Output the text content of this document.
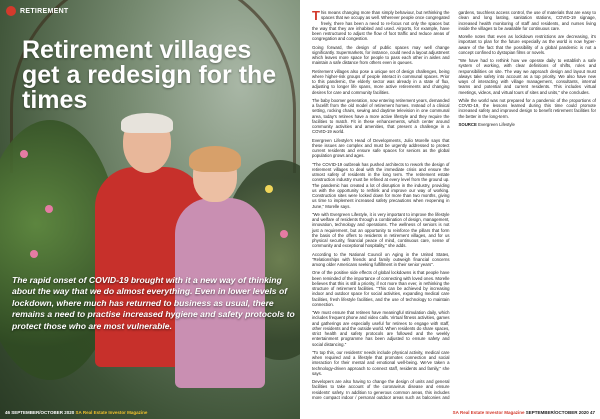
RETIREMENT
Retirement villages get a redesign for the times

The rapid onset of COVID-19 brought with it a new way of thinking about the way that we do almost everything. Even in lower levels of lockdown, where much has returned to business as usual, there remains a need to practise increased hygiene and safety protocols to protect those who are most vulnerable.

46 SEPTEMBER/OCTOBER 2020 SA Real Estate Investor Magazine

This means changing more than simply behaviour, but rethinking the spaces that we occupy as well. Wherever people once congregated freely, there has been a need to re-focus not only the spaces but the way that they are inhabited and used. Airports, for example, have been restructured to adjust the flow of foot traffic and reduce areas of congregation and congestion.

Going forward, the design of public spaces may well change significantly. Supermarkets, for instance, could need a layout adjustment which leaves more space for people to pass each other in aisles and maintain a safe distance from others even in queues.

Retirement villages also pose a unique set of design challenges, being where higher-risk groups of people interact in communal spaces. Prior to this pandemic, the elderly sector was already in a state of flux, adjusting to longer life spans, more active retirements and changing desires for care and community facilities.

The baby boomer generation, now entering retirement years, demanded a facelift from the old model of retirement homes. Instead of a clinical setting, rocking chairs, sewing and daytime television in one communal area, today's retirees have a more active lifestyle and they require the facilities to match. Fit in these enhancements, which center around community activities and amenities, that present a challenge in a COVID-19 world.

Evergreen Lifestyle's Head of Developments, Julio Morelle says that these issues are complex and must be urgently addressed to protect current residents and ensure safe spaces for seniors as the global population grows and ages.

"The COVID-19 outbreak has pushed architects to rework the design of retirement villages to deal with the immediate crisis and ensure the utmost safety of residents in the long term. The retirement estate construction industry must be refined at every level from the ground up. The pandemic has created a lot of disruption in the industry, providing us with the opportunity to rethink and improve our way of working. Construction sites were locked down for more than two months, giving us time to implement increased safety precautions when reopening in June," Morelle says.

"We with Evergreen Lifestyle, it is very important to improve the lifestyle and welfare of residents through a combination of design, management, innovation, technology and operations. The wellness of seniors is not just a requirement, but an opportunity to reinforce the pillars that form the basis of the offers to residents in retirement villages, and for us physical security, financial peace of mind, continuous care, sense of community and exceptional hospitality," she adds.

According to the National Council on Aging in the United States, "Relationships with friends and family outweigh financial concerns among older Americans seeking fulfillment in their senior years".

One of the positive side effects of global lockdowns is that people have been reminded of the importance of connecting with loved ones. Morelle believes that this is still a priority, if not more than ever, in rethinking the structure of retirement facilities. "This can be achieved by increasing indoor and outdoor space for social activities, expanding medical care facilities, fresh lifestyle facilities, and the use of technology to maintain connection.

"We must ensure that retirees have meaningful stimulation daily, which includes frequent phone and video calls. Virtual fitness activities, games and gatherings are especially useful for retirees to engage with staff, other residents and the outside world. When residents do share spaces, strict health and safety protocols are followed and the weekly entertainment programme has been adjusted to ensure safety and social distancing."

"To top this, our residents' needs include physical activity, medical care when required and a lifestyle that promotes connection and social interaction for their mental and emotional well-being. We've taken a technology-driven approach to connect staff, residents and family," she says.

Developers are also having to change the design of units and general facilities to take account of the coronavirus disease and ensure residents' safety. In addition to generous common areas, this includes more compact indoor / personal outdoor areas such as balconies and gardens, touchless access control, the use of materials that are easy to clean and long lasting, sanitation stations, COVID-19 signage, increased health monitoring of staff and residents, and nurses living inside the villages to be available for continuous care.

Morelle notes that even as lockdown restrictions are decreasing, it's important to plan for the future especially as the world is now hyper-aware of the fact that the possibility of a global pandemic is not a concept confined to dystopian films or novels.

"We have had to rethink how we operate daily to establish a safe system of working, with clear definitions of shifts, roles and responsibilities on site. The way we approach design and layout must always take safety into account as a top priority. We also have new ways of interacting with village management, consultants, internal teams and potential and current residents. This includes virtual meetings, videos, and virtual tours of sites and units," she concludes.

While the world was not prepared for a pandemic of the proportions of COVID-19, the lessons learned during this time could promote increased safety and improved design to benefit retirement facilities for the better in the long-term.

SOURCE Evergreen Lifestyle
SA Real Estate Investor Magazine SEPTEMBER/OCTOBER 2020 47
